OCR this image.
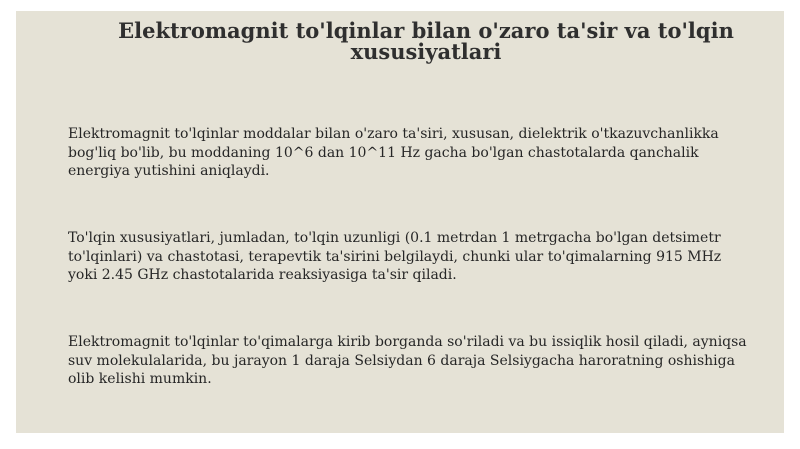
Elektromagnit to'lqinlar bilan o'zaro ta'sir va to'lqin xususiyatlari

Elektromagnit to'lqinlar moddalar bilan o'zaro ta'siri, xususan, dielektrik o'tkazuvchanlikka bog'liq bo'lib, bu moddaning 10^6 dan 10^11 Hz gacha bo'lgan chastotalarda qanchalik energiya yutishini aniqlaydi.

To'lqin xususiyatlari, jumladan, to'lqin uzunligi (0.1 metrdan 1 metrgacha bo'lgan detsimetr to'lqinlari) va chastotasi, terapevtik ta'sirini belgilaydi, chunki ular to'qimalarning 915 MHz yoki 2.45 GHz chastotalarida reaksiyasiga ta'sir qiladi.

Elektromagnit to'lqinlar to'qimalarga kirib borganda so'riladi va bu issiqlik hosil qiladi, ayniqsa suv molekulalarida, bu jarayon 1 daraja Selsiydan 6 daraja Selsiygacha haroratning oshishiga olib kelishi mumkin.
